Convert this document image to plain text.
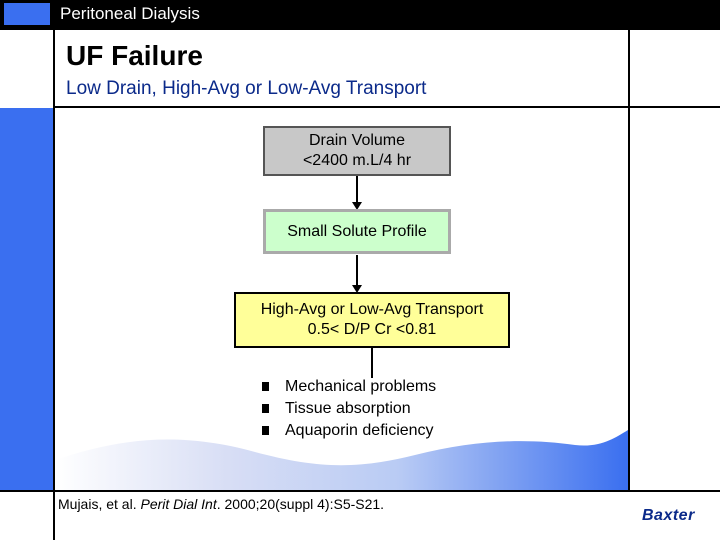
Peritoneal Dialysis
UF Failure
Low Drain, High-Avg or Low-Avg Transport
Drain Volume
<2400 m.L/4 hr
Small Solute Profile
High-Avg or Low-Avg Transport
0.5< D/P Cr <0.81
Mechanical problems
Tissue absorption
Aquaporin deficiency
Mujais, et al. Perit Dial Int. 2000;20(suppl 4):S5-S21.
Baxter
